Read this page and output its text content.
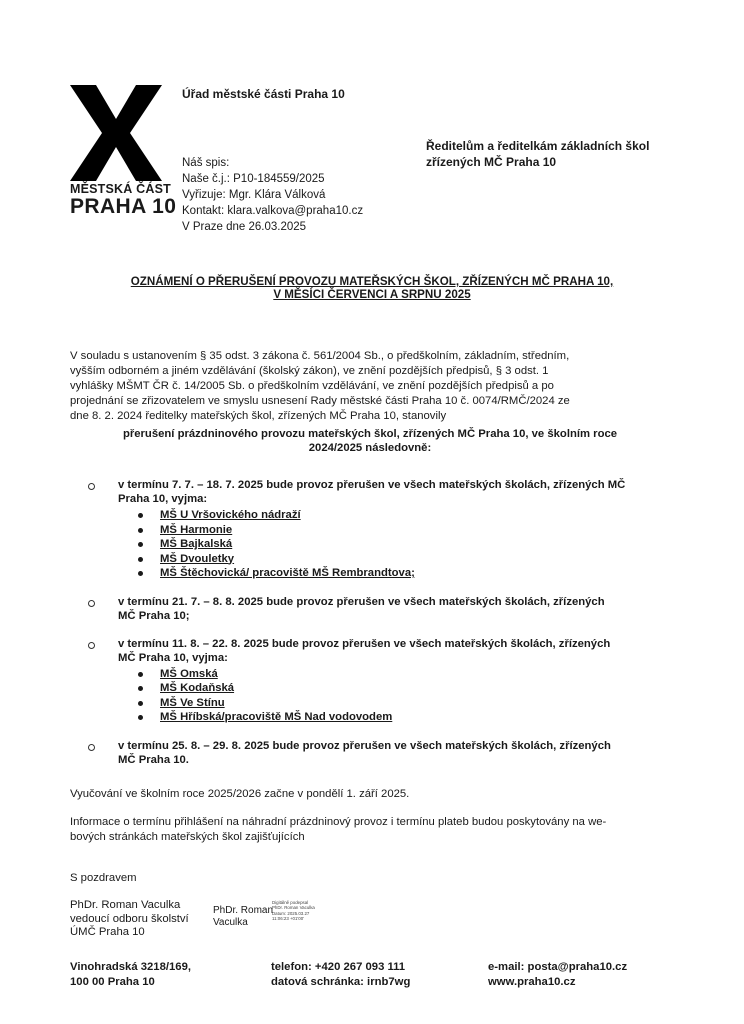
MĚSTSKÁ ČÁST
PRAHA 10
Úřad městské části Praha 10
Náš spis:
Naše č.j.: P10-184559/2025
Vyřizuje: Mgr. Klára Válková
Kontakt: klara.valkova@praha10.cz
V Praze dne 26.03.2025
Ředitelům a ředitelkám základních škol
zřízených MČ Praha 10
OZNÁMENÍ O PŘERUŠENÍ PROVOZU MATEŘSKÝCH ŠKOL, ZŘÍZENÝCH MČ PRAHA 10,
V MĚSÍCI ČERVENCI A SRPNU 2025
V souladu s ustanovením § 35 odst. 3 zákona č. 561/2004 Sb., o předškolním, základním, středním,
vyšším odborném a jiném vzdělávání (školský zákon), ve znění pozdějších předpisů, § 3 odst. 1
vyhlášky MŠMT ČR č. 14/2005 Sb. o předškolním vzdělávání, ve znění pozdějších předpisů a po
projednání se zřizovatelem ve smyslu usnesení Rady městské části Praha 10 č. 0074/RMČ/2024 ze
dne 8. 2. 2024 ředitelky mateřských škol, zřízených MČ Praha 10, stanovily
přerušení prázdninového provozu mateřských škol, zřízených MČ Praha 10, ve školním roce
2024/2025 následovně:
v termínu 7. 7. – 18. 7. 2025 bude provoz přerušen ve všech mateřských školách, zřízených MČ
Praha 10, vyjma:
MŠ U Vršovického nádraží
MŠ Harmonie
MŠ Bajkalská
MŠ Dvouletky
MŠ Štěchovická/ pracoviště MŠ Rembrandtova;
v termínu 21. 7. – 8. 8. 2025 bude provoz přerušen ve všech mateřských školách, zřízených
MČ Praha 10;
v termínu 11. 8. – 22. 8. 2025 bude provoz přerušen ve všech mateřských školách, zřízených
MČ Praha 10, vyjma:
MŠ Omská
MŠ Kodaňská
MŠ Ve Stínu
MŠ Hříbská/pracoviště MŠ Nad vodovodem
v termínu 25. 8. – 29. 8. 2025 bude provoz přerušen ve všech mateřských školách, zřízených
MČ Praha 10.
Vyučování ve školním roce 2025/2026 začne v pondělí 1. září 2025.
Informace o termínu přihlášení na náhradní prázdninový provoz i termínu plateb budou poskytovány na we-
bových stránkách mateřských škol zajišťujících
S pozdravem
PhDr. Roman Vaculka
vedoucí odboru školství
ÚMČ Praha 10
PhDr. Roman
Vaculka
Digitálně podepsal
PhDr. Roman Vaculka
Datum: 2025.03.27
11:06:23 +01'00'
Vinohradská 3218/169,
100 00 Praha 10
telefon: +420 267 093 111
datová schránka: irnb7wg
e-mail: posta@praha10.cz
www.praha10.cz
